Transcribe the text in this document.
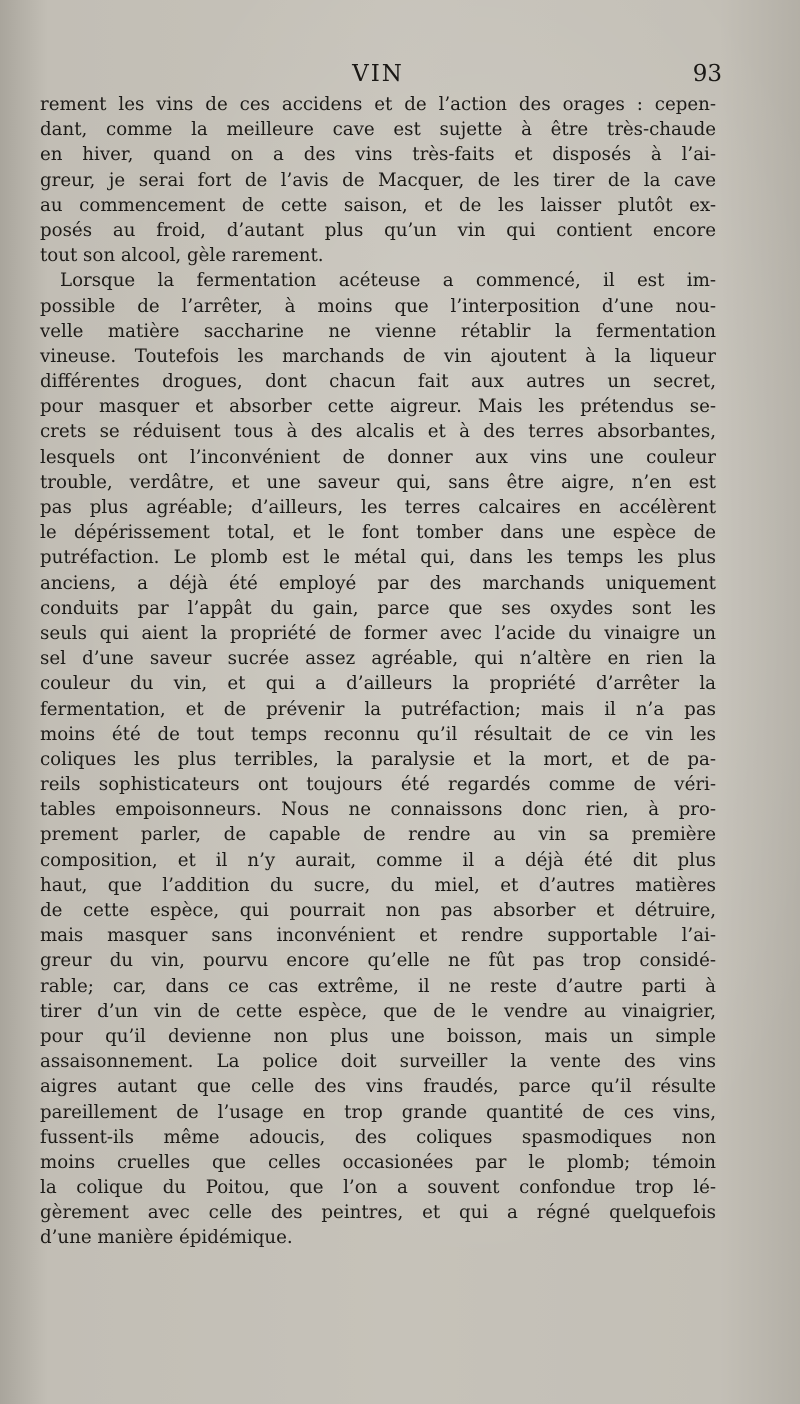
VIN	93
rement les vins de ces accidens et de l’action des orages : cepen-
dant, comme la meilleure cave est sujette à être très-chaude
en hiver, quand on a des vins très-faits et disposés à l’ai-
greur, je serai fort de l’avis de Macquer, de les tirer de la cave
au commencement de cette saison, et de les laisser plutôt ex-
posés au froid, d’autant plus qu’un vin qui contient encore
tout son alcool, gèle rarement.
Lorsque la fermentation acéteuse a commencé, il est im-
possible de l’arrêter, à moins que l’interposition d’une nou-
velle matière saccharine ne vienne rétablir la fermentation
vineuse. Toutefois les marchands de vin ajoutent à la liqueur
différentes drogues, dont chacun fait aux autres un secret,
pour masquer et absorber cette aigreur. Mais les prétendus se-
crets se réduisent tous à des alcalis et à des terres absorbantes,
lesquels ont l’inconvénient de donner aux vins une couleur
trouble, verdâtre, et une saveur qui, sans être aigre, n’en est
pas plus agréable; d’ailleurs, les terres calcaires en accélèrent
le dépérissement total, et le font tomber dans une espèce de
putréfaction. Le plomb est le métal qui, dans les temps les plus
anciens, a déjà été employé par des marchands uniquement
conduits par l’appât du gain, parce que ses oxydes sont les
seuls qui aient la propriété de former avec l’acide du vinaigre un
sel d’une saveur sucrée assez agréable, qui n’altère en rien la
couleur du vin, et qui a d’ailleurs la propriété d’arrêter la
fermentation, et de prévenir la putréfaction; mais il n’a pas
moins été de tout temps reconnu qu’il résultait de ce vin les
coliques les plus terribles, la paralysie et la mort, et de pa-
reils sophisticateurs ont toujours été regardés comme de véri-
tables empoisonneurs. Nous ne connaissons donc rien, à pro-
prement parler, de capable de rendre au vin sa première
composition, et il n’y aurait, comme il a déjà été dit plus
haut, que l’addition du sucre, du miel, et d’autres matières
de cette espèce, qui pourrait non pas absorber et détruire,
mais masquer sans inconvénient et rendre supportable l’ai-
greur du vin, pourvu encore qu’elle ne fût pas trop considé-
rable; car, dans ce cas extrême, il ne reste d’autre parti à
tirer d’un vin de cette espèce, que de le vendre au vinaigrier,
pour qu’il devienne non plus une boisson, mais un simple
assaisonnement. La police doit surveiller la vente des vins
aigres autant que celle des vins fraudés, parce qu’il résulte
pareillement de l’usage en trop grande quantité de ces vins,
fussent-ils même adoucis, des coliques spasmodiques non
moins cruelles que celles occasionées par le plomb; témoin
la colique du Poitou, que l’on a souvent confondue trop lé-
gèrement avec celle des peintres, et qui a régné quelquefois
d’une manière épidémique.
